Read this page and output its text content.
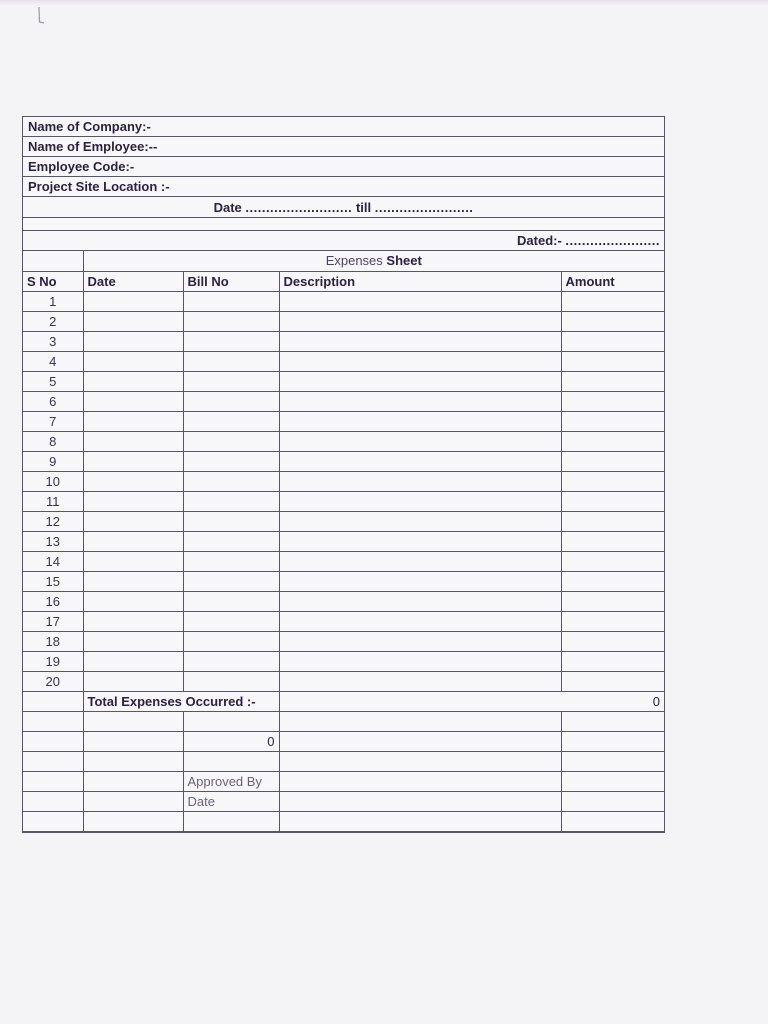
Name of Company:-
Name of Employee:--
Employee Code:-
Project Site Location :-
Date .......................... till ........................
Dated:- .......................
	Expenses Sheet			
S No	Date	Bill No	Description	Amount
1				
2				
3				
4				
5				
6				
7				
8				
9				
10				
11				
12				
13				
14				
15				
16				
17				
18				
19				
20				
	Total Expenses Occurred :-		0	

		0		

		Approved By		
		Date		
